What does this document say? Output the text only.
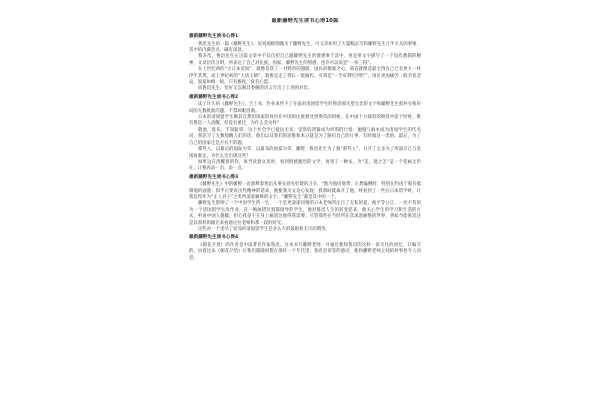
最新藤野先生读书心得10篇
最新藤野先生读书心得1

鲁迅先生的一篇《藤野先生》，说说他极细微关于藤野先生，可又章却用了大篇幅去写和藤野先生几乎无关的事情，其中的内幕热点，确有深意。

我多次，鲁迅先生在这篇文章中不仅仅把自己跟藤野先生的情感事于其中，更是用文字描写了一个没有教制的精神，文章层次分明，所表达了自己对民族，国家，藤野先生的情感，也许可以说是“一举三得”。

在上世纪初的“大日本帝国”，就像是获了一对野兽的翅膀，国民的膨胀之心，简直就像是最宝得自己已有更大一样伊乎其然，而上世纪初的“大清王朝”，就像是走了得长一般腐朽，可谓是“一手好牌打到烂”，国民更加痛苦一般孕育悲哀，国家如梅一般，只有猴夜，没有心愿。

而鲁迅先生，恰好又以极其委婉的语言写出了上述的对比。

最新藤野先生读书心得2

读了许久的《藤野先生》，合上书，作业本怀不了在面对清国留学生时鲁迅那失望无比的文字和藤野先生那朴实和好同的无数批准的题，不禁却眼泪满。

日本的清国留学生顺其自然的国家的身份在中国的民族被受到欺负的时候，在中国十分恼怒的围绕中前于时时，唯有鲁迅一人清醒，但没有重过，为什么会这样？

敬他，低乐，不知耻辱，这个社会学已抵抗无奈，觉察的逻辑成为所谓的行悟，抛慢与麻木成为清国学生的代名词，鲁迅写了无数惊醒人们的话，他们以及我们的思维和本分就是为了路们自己的行事，有时做这一类的，最后，为了自己的国家还是否有不的题。

那些人，以最后的国际为荣，以最布的国家为荣，藤野，鲁迅先生为了救“那些人”，日开了太多为了所面自己与是国再谁定，为什么会出现这些？

如果这在清醒着的你，每当读着文章时，看到情感强烈的文学，再到了一种杀，为“美，现之怎”是一个笔画太仍在，让格再添一点，添一点。

最新藤野先生读书心得3

《藤野先生》中的藤野一直就释着鲁迅从事实意见好建的斗争，“他为他同他带，正想偏侧时，特别在约由于那有抵制地的面脸，似乎正要说出些精神的话来，便使我为文论心发现，我那时就离开了他，终看到了一些在日本留学时，让我觉得作为“正人君子”之类所深恶痛嫉的文字，“藤野先生”就是其中的一个。

藤野先生影响了一个中国学生的一生，一个是更深深同情的日本老师所注目了无私的爱，他平等公正，一丝不苟的为一个清国留学生改作业，连一帧画错位置都指导的学生，他对鲁迅人生的转变起来，他关心学生的学习和生活的方式，听说中国人裹脚，担心我是不在身上解剖这使得我需要。尽管那些在当时所在其深恶痛绝的世界，到如今能鲁迅还是以那样的眼光来看他这位老师和那一段的时光。

这些对一个受尽了屈辱的清国留学生是多么大的鼓励和无尽的期待。

最新藤野先生读书心得4

《朝花夕拾》的作者是中国著名作家鲁迅。这本书写藤野老师，并通过他和鲁迅的这样一段交往的回忆，在编写的，由着这本《朝花夕拾》让我们跟随回想在那样一个年代里，鲁迅是何等的感动，他和藤野老师之间的故事也令人动容。
